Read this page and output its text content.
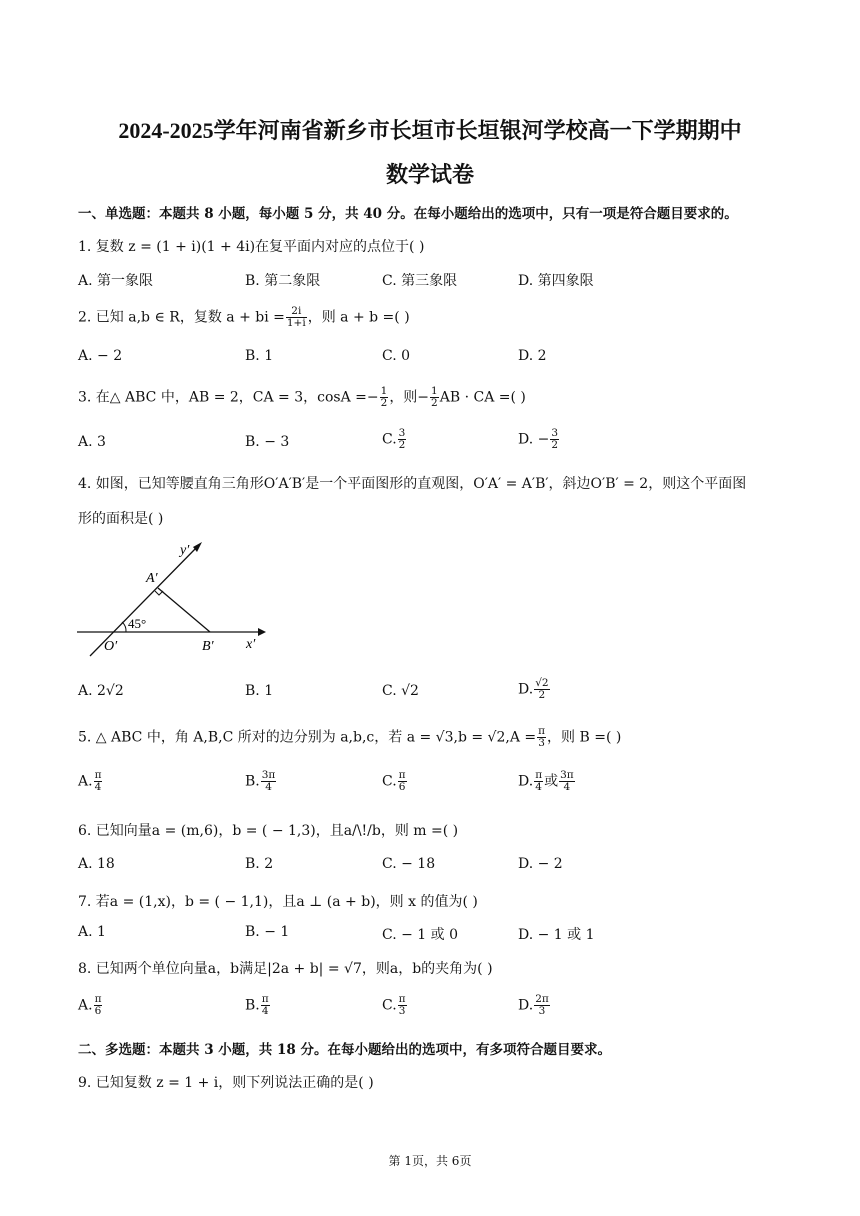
2024-2025学年河南省新乡市长垣市长垣银河学校高一下学期期中
数学试卷
一、单选题：本题共 8 小题，每小题 5 分，共 40 分。在每小题给出的选项中，只有一项是符合题目要求的。
1. 复数 z = (1 + i)(1 + 4i)在复平面内对应的点位于( )
A. 第一象限	B. 第二象限	C. 第三象限	D. 第四象限
2. 已知 a,b ∈ R，复数 a + bi = $\frac{2i}{1+i}$ ，则 a + b =( )
A. − 2	B. 1	C. 0	D. 2
3. 在△ ABC 中，AB = 2，CA = 3，$\cos A =- \frac{1}{2}$ ，则− $\frac{1}{2}$ AB · CA =( )
A. 3	B. − 3	C. $\frac{3}{2}$	D. − $\frac{3}{2}$
4. 如图，已知等腰直角三角形O′A′B′是一个平面图形的直观图，O′A′ = A′B′，斜边O′B′ = 2，则这个平面图
形的面积是( )
y′
x′
A′
O′	B′
45°
A. 2√2	B. 1	C. √2	D. $\frac{√2}{2}$
5. △ ABC 中，角 A,B,C 所对的边分别为 a,b,c，若 $a = √3,b = √2,A = \frac{\pi}{3}$ ，则 B =( )
A. $\frac{\pi}{4}$	B. $\frac{3\pi}{4}$	C. $\frac{\pi}{6}$	D. $\frac{\pi}{4}$ 或 $\frac{3\pi}{4}$
6. 已知向量a = (m,6)，b = ( − 1,3)，且a/\!/b，则 m =( )
A. 18	B. 2	C. − 18	D. − 2
7. 若a = (1,x)，b = ( − 1,1)，且a ⊥ (a + b)，则 x 的值为( )
A. 1	B. − 1	C. − 1 或 0	D. − 1 或 1
8. 已知两个单位向量a，b满足|2a + b| = √7，则a，b的夹角为( )
A. $\frac{\pi}{6}$	B. $\frac{\pi}{4}$	C. $\frac{\pi}{3}$	D. $\frac{2\pi}{3}$
二、多选题：本题共 3 小题，共 18 分。在每小题给出的选项中，有多项符合题目要求。
9. 已知复数 z = 1 + i，则下列说法正确的是( )
第 1页，共 6页
